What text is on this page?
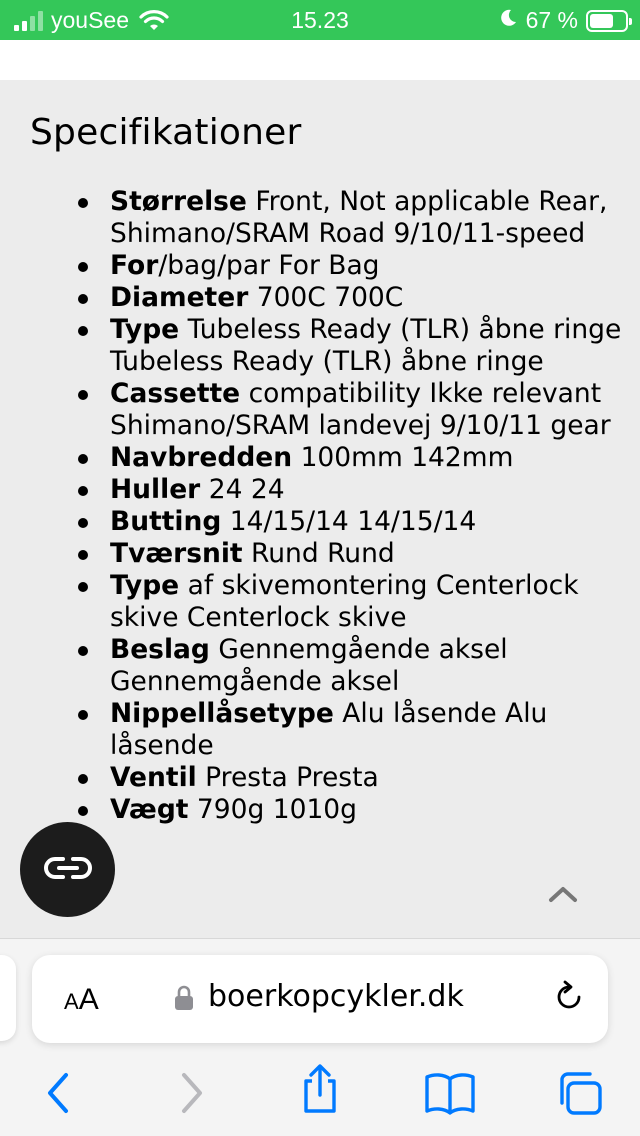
youSee	15.23	67 %
Specifikationer
Størrelse Front, Not applicable Rear, Shimano/SRAM Road 9/10/11-speed
For/bag/par For Bag
Diameter 700C 700C
Type Tubeless Ready (TLR) åbne ringe Tubeless Ready (TLR) åbne ringe
Cassette compatibility Ikke relevant Shimano/SRAM landevej 9/10/11 gear
Navbredden 100mm 142mm
Huller 24 24
Butting 14/15/14 14/15/14
Tværsnit Rund Rund
Type af skivemontering Centerlock skive Centerlock skive
Beslag Gennemgående aksel Gennemgående aksel
Nippellåsetype Alu låsende Alu låsende
Ventil Presta Presta
Vægt 790g 1010g
AA	boerkopcykler.dk
